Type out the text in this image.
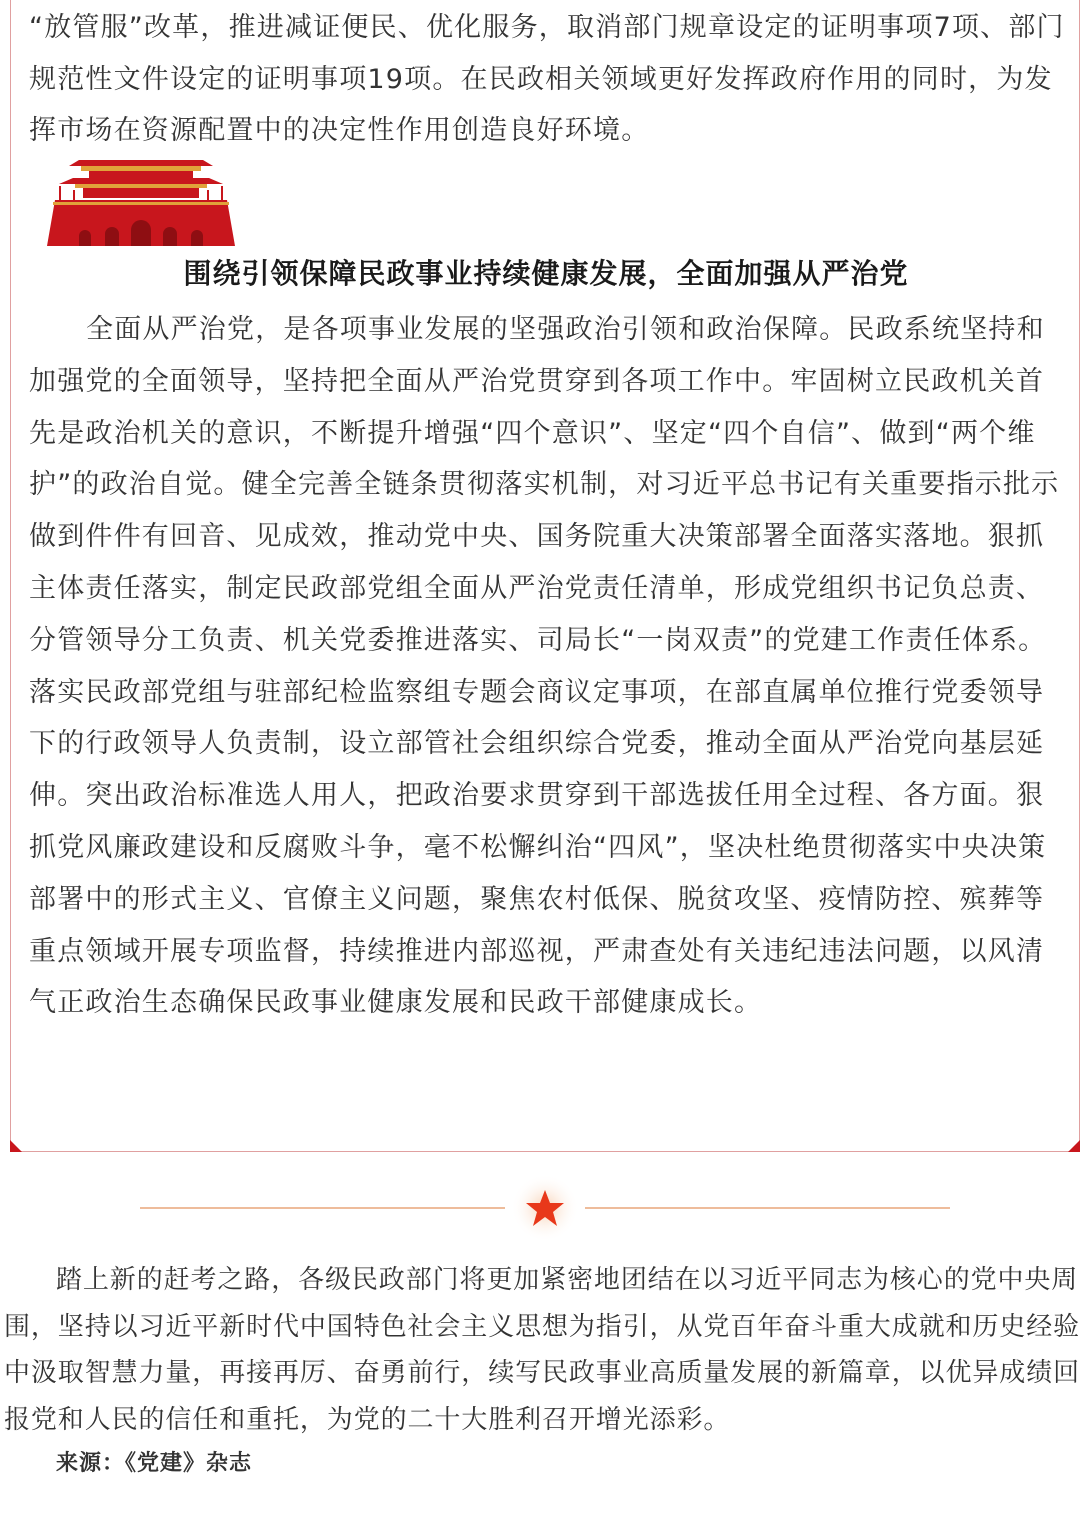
“放管服”改革，推进减证便民、优化服务，取消部门规章设定的证明事项7项、部门规范性文件设定的证明事项19项。在民政相关领域更好发挥政府作用的同时，为发挥市场在资源配置中的决定性作用创造良好环境。

围绕引领保障民政事业持续健康发展，全面加强从严治党

全面从严治党，是各项事业发展的坚强政治引领和政治保障。民政系统坚持和加强党的全面领导，坚持把全面从严治党贯穿到各项工作中。牢固树立民政机关首先是政治机关的意识，不断提升增强“四个意识”、坚定“四个自信”、做到“两个维护”的政治自觉。健全完善全链条贯彻落实机制，对习近平总书记有关重要指示批示做到件件有回音、见成效，推动党中央、国务院重大决策部署全面落实落地。狠抓主体责任落实，制定民政部党组全面从严治党责任清单，形成党组织书记负总责、分管领导分工负责、机关党委推进落实、司局长“一岗双责”的党建工作责任体系。落实民政部党组与驻部纪检监察组专题会商议定事项，在部直属单位推行党委领导下的行政领导人负责制，设立部管社会组织综合党委，推动全面从严治党向基层延伸。突出政治标准选人用人，把政治要求贯穿到干部选拔任用全过程、各方面。狠抓党风廉政建设和反腐败斗争，毫不松懈纠治“四风”，坚决杜绝贯彻落实中央决策部署中的形式主义、官僚主义问题，聚焦农村低保、脱贫攻坚、疫情防控、殡葬等重点领域开展专项监督，持续推进内部巡视，严肃查处有关违纪违法问题，以风清气正政治生态确保民政事业健康发展和民政干部健康成长。

踏上新的赶考之路，各级民政部门将更加紧密地团结在以习近平同志为核心的党中央周围，坚持以习近平新时代中国特色社会主义思想为指引，从党百年奋斗重大成就和历史经验中汲取智慧力量，再接再厉、奋勇前行，续写民政事业高质量发展的新篇章，以优异成绩回报党和人民的信任和重托，为党的二十大胜利召开增光添彩。

来源：《党建》杂志
